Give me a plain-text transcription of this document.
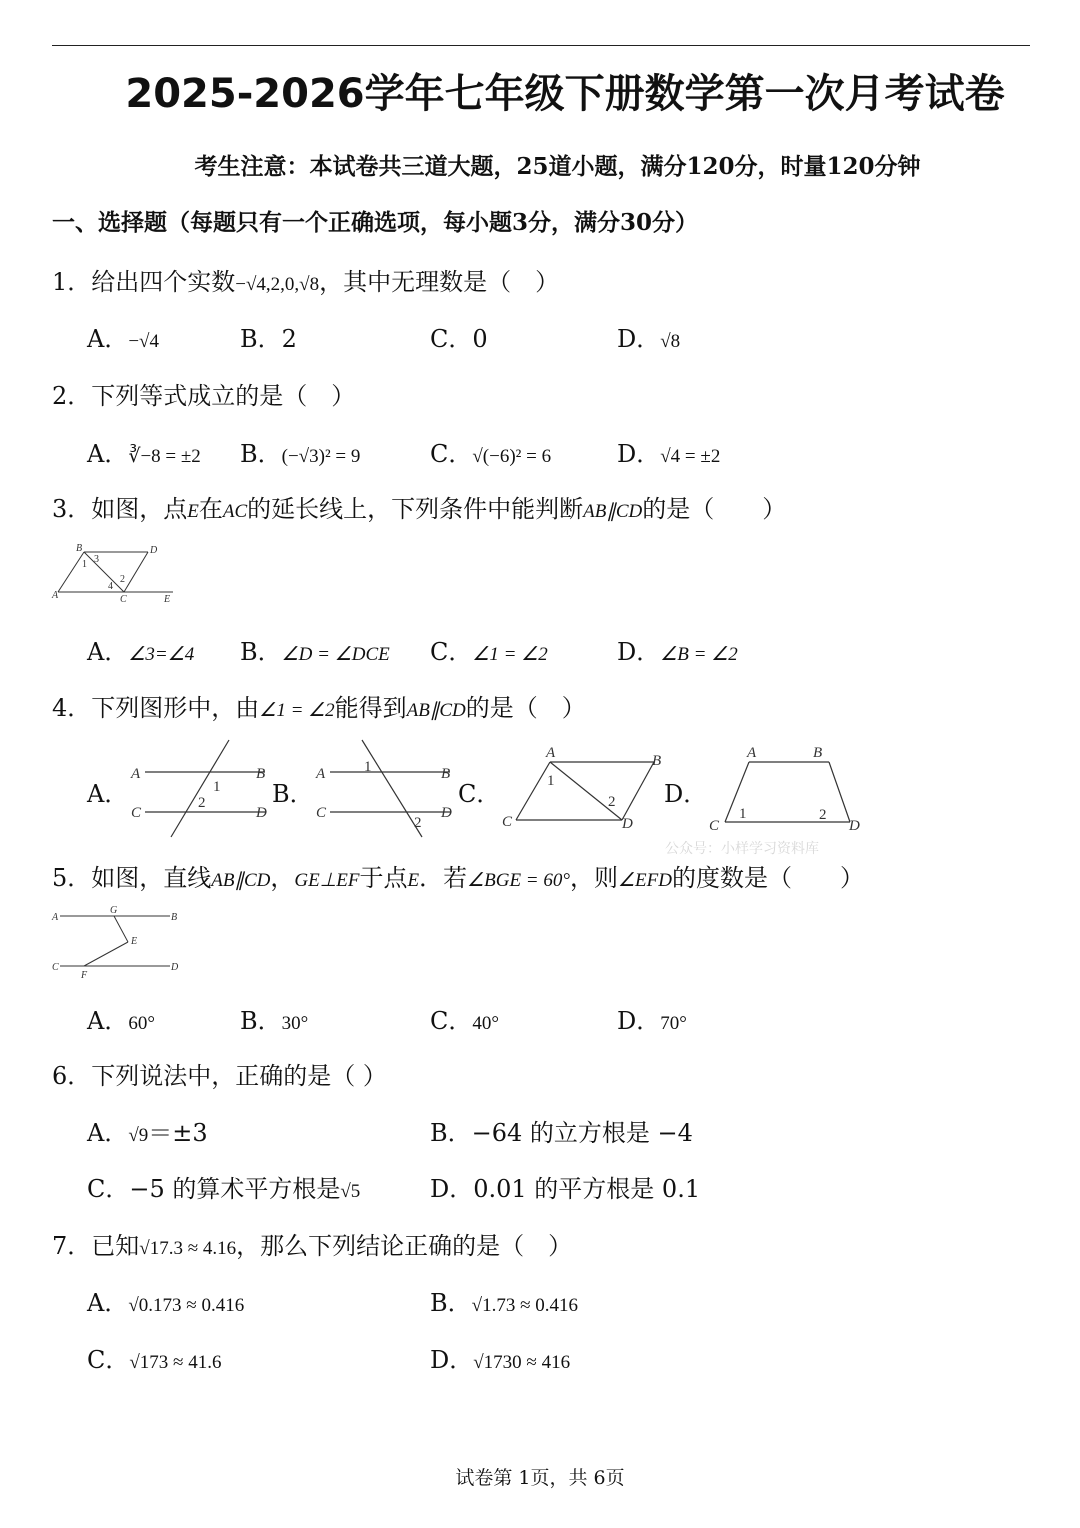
2025-2026学年七年级下册数学第一次月考试卷
考生注意：本试卷共三道大题，25道小题，满分120分，时量120分钟
一、选择题（每题只有一个正确选项，每小题3分，满分30分）
1．给出四个实数−√4,2,0,√8，其中无理数是（　）
A．−√4	B．2	C．0	D．√8
2．下列等式成立的是（　）
A．∛−8 = ±2 B．(−√3)² = 9	C．√(−6)² = 6	D．√4 = ±2
3．如图，点E在AC的延长线上，下列条件中能判断AB∥CD的是（　　）
B	D
A	C	E
1 3
2
4
A．∠3=∠4 B．∠D = ∠DCE C．∠1 = ∠2	D．∠B = ∠2
4．下列图形中，由∠1 = ∠2能得到AB∥CD的是（　）
A．	B．	C．	D．
A	B
C	D
1
2
A	B
C	D
1
2
A	B
C	D
1
2
A	B
C	D
1	2
公众号：小样学习资料库
5．如图，直线AB∥CD，GE⊥EF于点E．若∠BGE = 60°，则∠EFD的度数是（　　）
A
G
B
E
C
F
D
A．60°	B．30°	C．40°	D．70°
6．下列说法中，正确的是（ ）
A．√9＝±3	B．−64 的立方根是 −4
C．−5 的算术平方根是√5	D．0.01 的平方根是 0.1
7．已知√17.3 ≈ 4.16，那么下列结论正确的是（　）
A．√0.173 ≈ 0.416	B．√1.73 ≈ 0.416
C．√173 ≈ 41.6	D．√1730 ≈ 416
试卷第 1页，共 6页
